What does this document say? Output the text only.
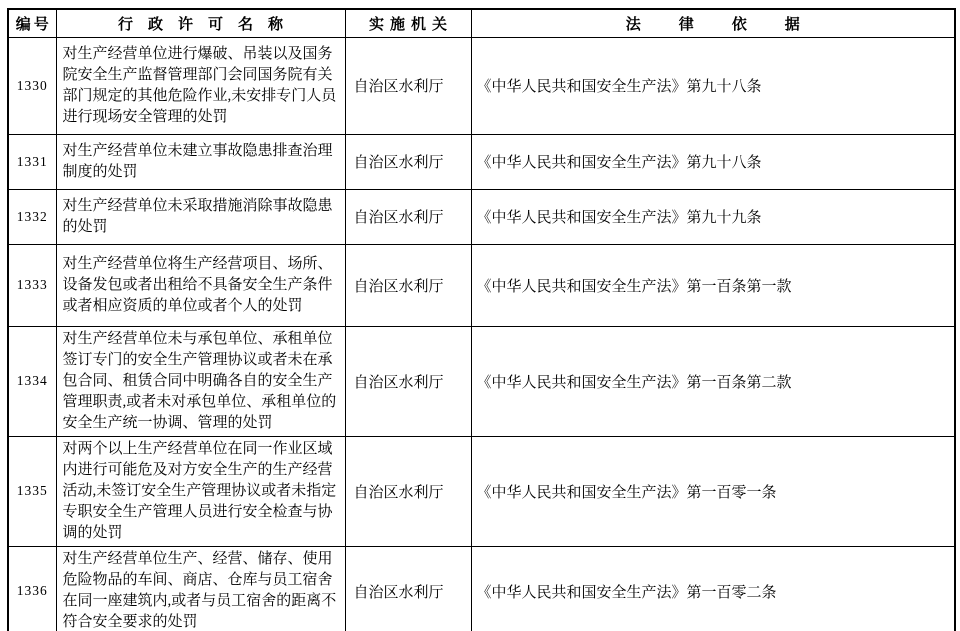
编号	行政许可名称	实施机关	法律依据
1330	对生产经营单位进行爆破、吊装以及国务院安全生产监督管理部门会同国务院有关部门规定的其他危险作业,未安排专门人员进行现场安全管理的处罚	自治区水利厅	《中华人民共和国安全生产法》第九十八条
1331	对生产经营单位未建立事故隐患排查治理制度的处罚	自治区水利厅	《中华人民共和国安全生产法》第九十八条
1332	对生产经营单位未采取措施消除事故隐患的处罚	自治区水利厅	《中华人民共和国安全生产法》第九十九条
1333	对生产经营单位将生产经营项目、场所、设备发包或者出租给不具备安全生产条件或者相应资质的单位或者个人的处罚	自治区水利厅	《中华人民共和国安全生产法》第一百条第一款
1334	对生产经营单位未与承包单位、承租单位签订专门的安全生产管理协议或者未在承包合同、租赁合同中明确各自的安全生产管理职责,或者未对承包单位、承租单位的安全生产统一协调、管理的处罚	自治区水利厅	《中华人民共和国安全生产法》第一百条第二款
1335	对两个以上生产经营单位在同一作业区域内进行可能危及对方安全生产的生产经营活动,未签订安全生产管理协议或者未指定专职安全生产管理人员进行安全检查与协调的处罚	自治区水利厅	《中华人民共和国安全生产法》第一百零一条
1336	对生产经营单位生产、经营、储存、使用危险物品的车间、商店、仓库与员工宿舍在同一座建筑内,或者与员工宿舍的距离不符合安全要求的处罚	自治区水利厅	《中华人民共和国安全生产法》第一百零二条
